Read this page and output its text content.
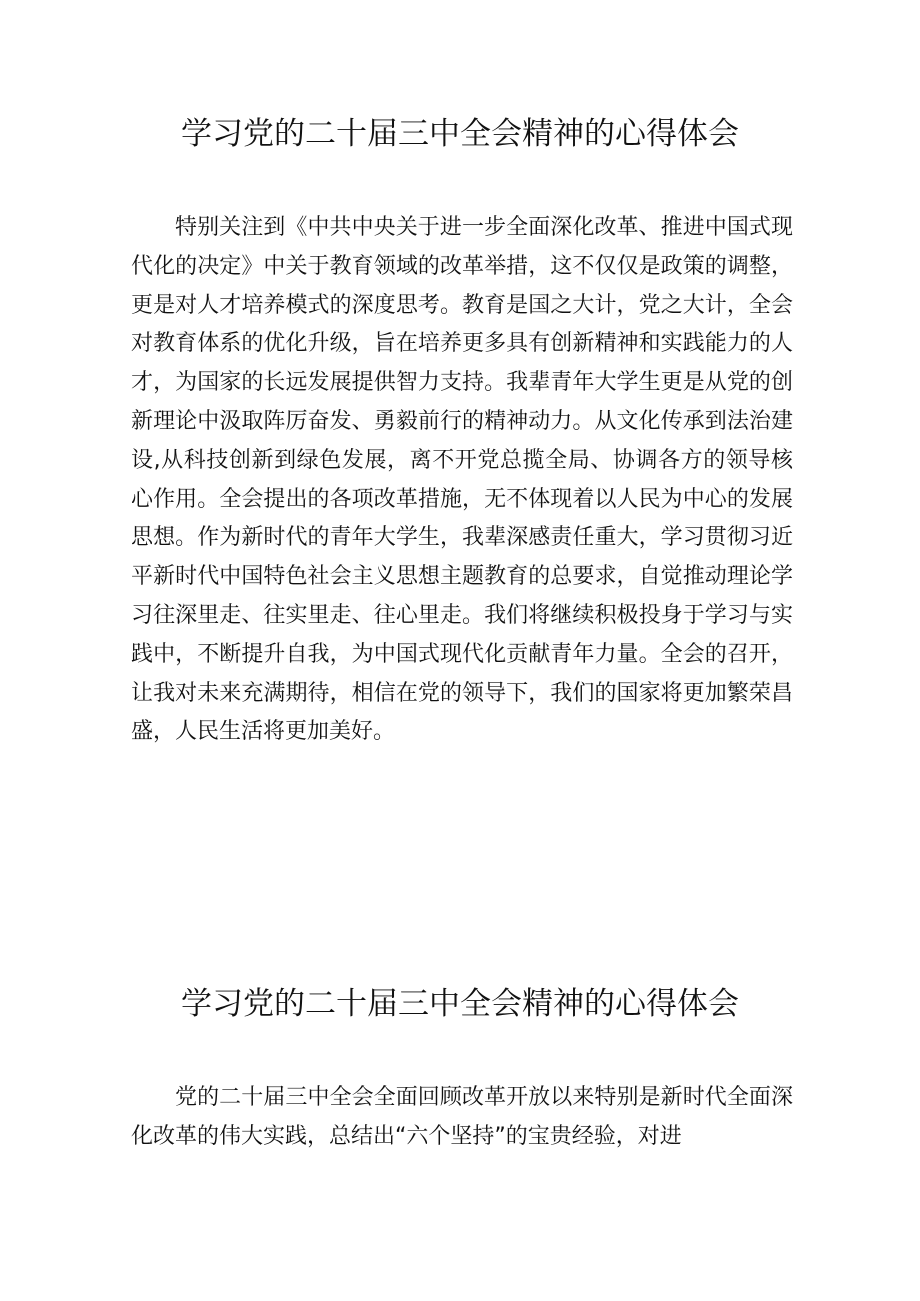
学习党的二十届三中全会精神的心得体会

特别关注到《中共中央关于进一步全面深化改革、推进中国式现代化的决定》中关于教育领域的改革举措，这不仅仅是政策的调整，更是对人才培养模式的深度思考。教育是国之大计，党之大计，全会对教育体系的优化升级，旨在培养更多具有创新精神和实践能力的人才，为国家的长远发展提供智力支持。我辈青年大学生更是从党的创新理论中汲取阵厉奋发、勇毅前行的精神动力。从文化传承到法治建设,从科技创新到绿色发展，离不开党总揽全局、协调各方的领导核心作用。全会提出的各项改革措施，无不体现着以人民为中心的发展思想。作为新时代的青年大学生，我辈深感责任重大，学习贯彻习近平新时代中国特色社会主义思想主题教育的总要求，自觉推动理论学习往深里走、往实里走、往心里走。我们将继续积极投身于学习与实践中，不断提升自我，为中国式现代化贡献青年力量。全会的召开，让我对未来充满期待，相信在党的领导下，我们的国家将更加繁荣昌盛，人民生活将更加美好。

学习党的二十届三中全会精神的心得体会

党的二十届三中全会全面回顾改革开放以来特别是新时代全面深化改革的伟大实践，总结出“六个坚持”的宝贵经验，对进
